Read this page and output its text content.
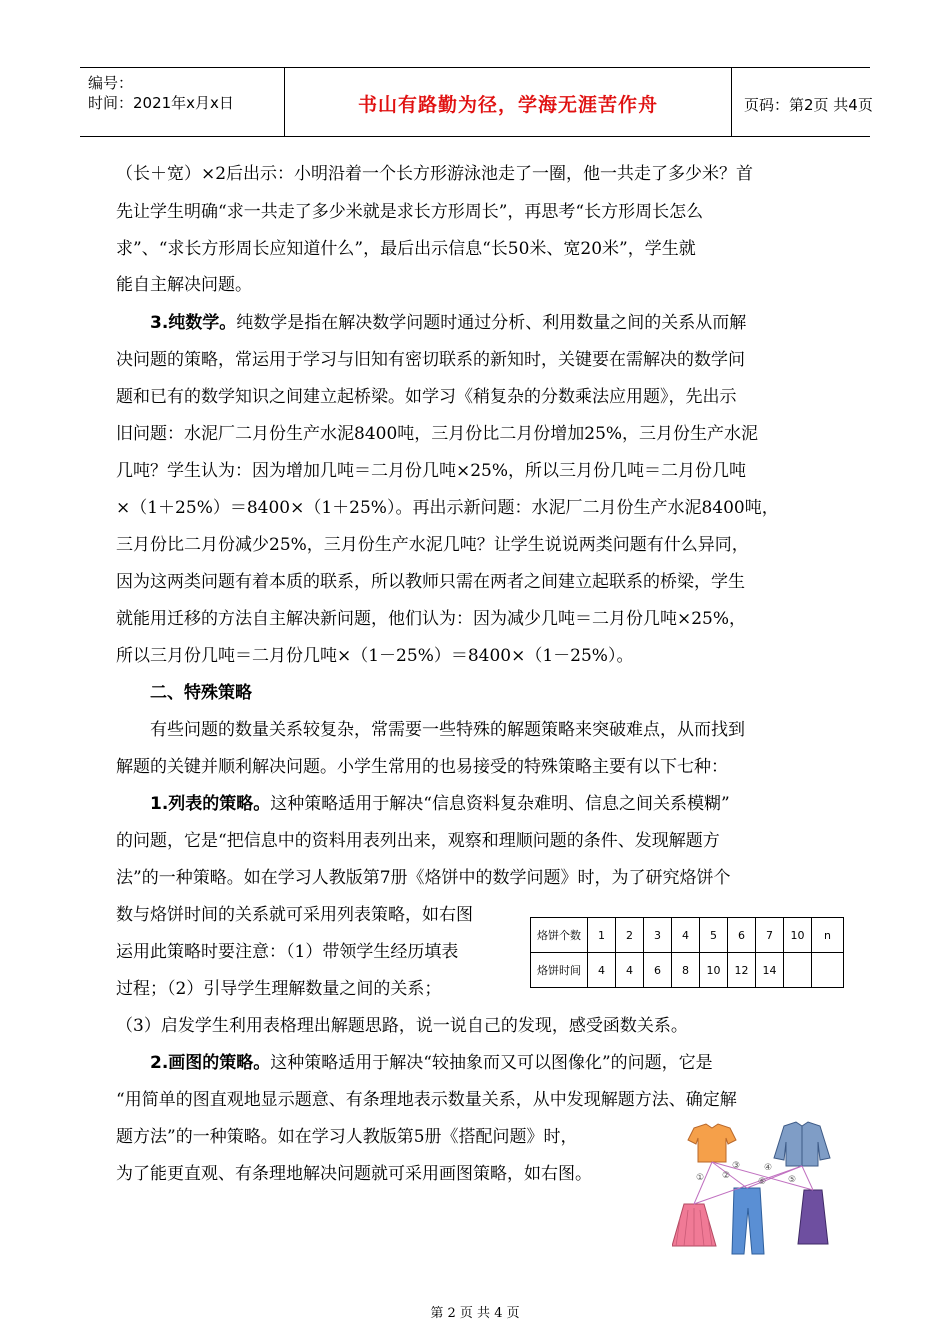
编号：
时间：2021年x月x日	书山有路勤为径，学海无涯苦作舟	页码：第2页 共4页
（长＋宽）×2后出示：小明沿着一个长方形游泳池走了一圈，他一共走了多少米？首
先让学生明确“求一共走了多少米就是求长方形周长”，再思考“长方形周长怎么
求”、“求长方形周长应知道什么”，最后出示信息“长50米、宽20米”，学生就
能自主解决问题。
3.纯数学。纯数学是指在解决数学问题时通过分析、利用数量之间的关系从而解
决问题的策略，常运用于学习与旧知有密切联系的新知时，关键要在需解决的数学问
题和已有的数学知识之间建立起桥梁。如学习《稍复杂的分数乘法应用题》，先出示
旧问题：水泥厂二月份生产水泥8400吨，三月份比二月份增加25%，三月份生产水泥
几吨？学生认为：因为增加几吨＝二月份几吨×25%，所以三月份几吨＝二月份几吨
×（1＋25%）＝8400×（1＋25%）。再出示新问题：水泥厂二月份生产水泥8400吨，
三月份比二月份减少25%，三月份生产水泥几吨？让学生说说两类问题有什么异同，
因为这两类问题有着本质的联系，所以教师只需在两者之间建立起联系的桥梁，学生
就能用迁移的方法自主解决新问题，他们认为：因为减少几吨＝二月份几吨×25%，
所以三月份几吨＝二月份几吨×（1－25%）＝8400×（1－25%）。
二、特殊策略
有些问题的数量关系较复杂，常需要一些特殊的解题策略来突破难点，从而找到
解题的关键并顺利解决问题。小学生常用的也易接受的特殊策略主要有以下七种：
1.列表的策略。这种策略适用于解决“信息资料复杂难明、信息之间关系模糊”
的问题，它是“把信息中的资料用表列出来，观察和理顺问题的条件、发现解题方
法”的一种策略。如在学习人教版第7册《烙饼中的数学问题》时，为了研究烙饼个
数与烙饼时间的关系就可采用列表策略，如右图
运用此策略时要注意：（1）带领学生经历填表
过程；（2）引导学生理解数量之间的关系；
（3）启发学生利用表格理出解题思路，说一说自己的发现，感受函数关系。
2.画图的策略。这种策略适用于解决“较抽象而又可以图像化”的问题，它是
“用简单的图直观地显示题意、有条理地表示数量关系，从中发现解题方法、确定解
题方法”的一种策略。如在学习人教版第5册《搭配问题》时，
为了能更直观、有条理地解决问题就可采用画图策略，如右图。
烙饼个数	1	2	3	4	5	6	7	10	n
烙饼时间	4	4	6	8	10	12	14		
① ②
③	④
⑤
⑥
第 2 页 共 4 页
